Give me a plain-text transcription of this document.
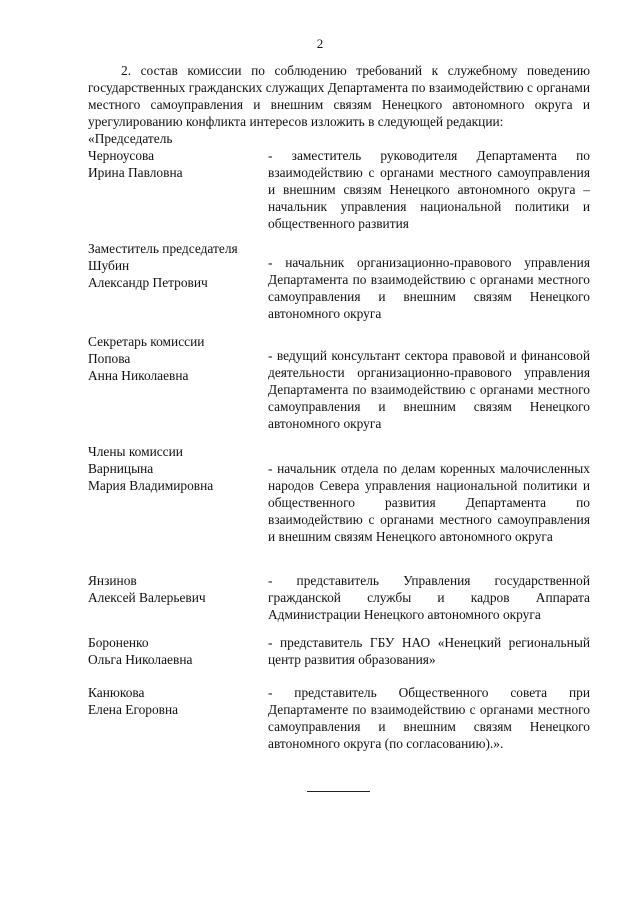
2
2. состав комиссии по соблюдению требований к служебному поведению государственных гражданских служащих Департамента по взаимодействию с органами местного самоуправления и внешним связям Ненецкого автономного округа и урегулированию конфликта интересов изложить в следующей редакции:
«Председатель
Черноусова
Ирина Павловна
- заместитель руководителя Департамента по взаимодействию с органами местного самоуправления и внешним связям Ненецкого автономного округа – начальник управления национальной политики и общественного развития
Заместитель председателя
Шубин
Александр Петрович
- начальник организационно-правового управления Департамента по взаимодействию с органами местного самоуправления и внешним связям Ненецкого автономного округа
Секретарь комиссии
Попова
Анна Николаевна
- ведущий консультант сектора правовой и финансовой деятельности организационно-правового управления Департамента по взаимодействию с органами местного самоуправления и внешним связям Ненецкого автономного округа
Члены комиссии
Варницына
Мария Владимировна
- начальник отдела по делам коренных малочисленных народов Севера управления национальной политики и общественного развития Департамента по взаимодействию с органами местного самоуправления и внешним связям Ненецкого автономного округа
Янзинов
Алексей Валерьевич
- представитель Управления государственной гражданской службы и кадров Аппарата Администрации Ненецкого автономного округа
Бороненко
Ольга Николаевна
- представитель ГБУ НАО «Ненецкий региональный центр развития образования»
Канюкова
Елена Егоровна
- представитель Общественного совета при Департаменте по взаимодействию с органами местного самоуправления и внешним связям Ненецкого автономного округа (по согласованию).».
